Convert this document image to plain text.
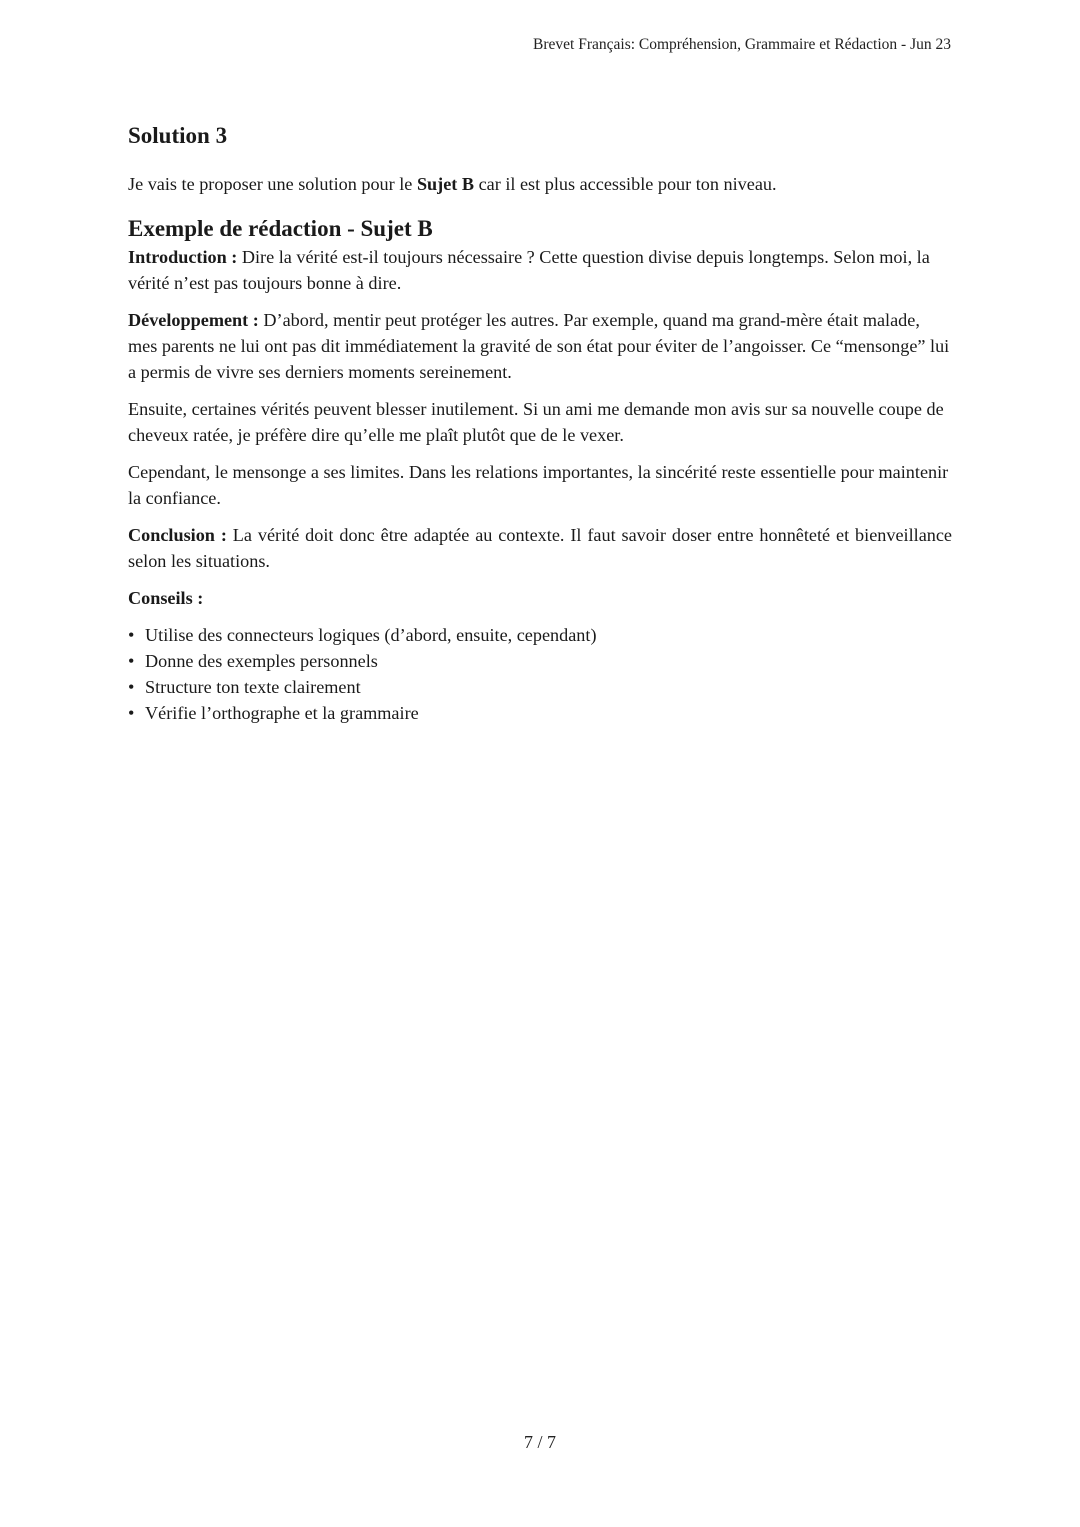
Brevet Français: Compréhension, Grammaire et Rédaction - Jun 23
Solution 3

Je vais te proposer une solution pour le Sujet B car il est plus accessible pour ton niveau.

Exemple de rédaction - Sujet B

Introduction : Dire la vérité est-il toujours nécessaire ? Cette question divise depuis longtemps. Selon moi, la vérité n’est pas toujours bonne à dire.

Développement : D’abord, mentir peut protéger les autres. Par exemple, quand ma grand-mère était malade, mes parents ne lui ont pas dit immédiatement la gravité de son état pour éviter de l’angoisser. Ce “mensonge” lui a permis de vivre ses derniers moments sereinement.

Ensuite, certaines vérités peuvent blesser inutilement. Si un ami me demande mon avis sur sa nouvelle coupe de cheveux ratée, je préfère dire qu’elle me plaît plutôt que de le vexer.

Cependant, le mensonge a ses limites. Dans les relations importantes, la sincérité reste essentielle pour maintenir la confiance.

Conclusion : La vérité doit donc être adaptée au contexte. Il faut savoir doser entre honnêteté et bienveillance selon les situations.

Conseils :

• Utilise des connecteurs logiques (d’abord, ensuite, cependant)
• Donne des exemples personnels
• Structure ton texte clairement
• Vérifie l’orthographe et la grammaire
7 / 7
